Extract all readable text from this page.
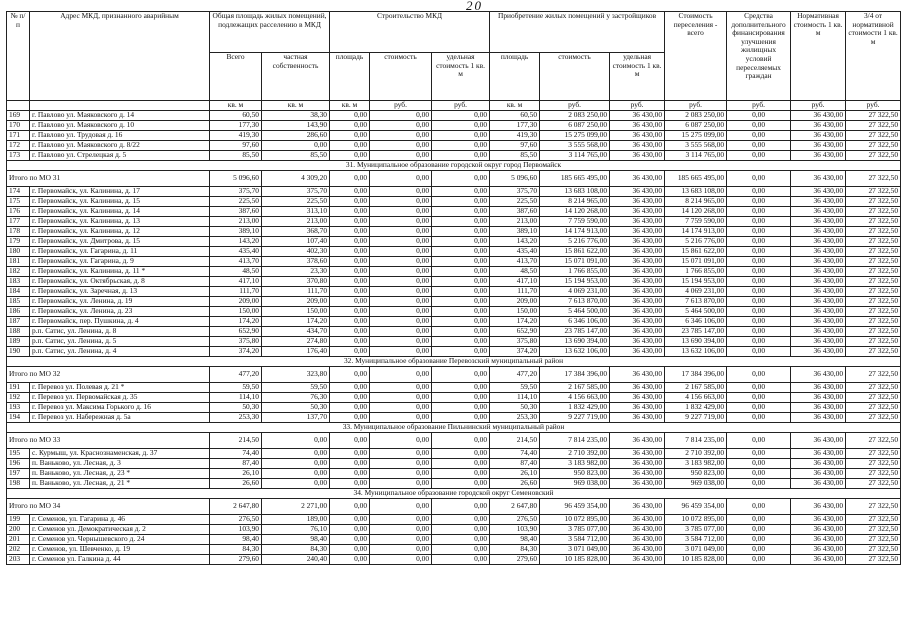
20
№ п/п	Адрес МКД, признанного аварийным	Общая площадь жилых помещений, подлежащих расселению в МКД		Строительство МКД			Приобретение жилых помещений у застройщиков			Стоимость переселения - всего	Средства дополнительного финансирования улучшения жилищных условий переселяемых граждан	Нормативная стоимость 1 кв. м	3/4 от нормативной стоимости 1 кв. м
		Всего	частная собственность	площадь	стоимость	удельная стоимость 1 кв. м	площадь	стоимость	удельная стоимость 1 кв. м				
		кв. м	кв. м	кв. м	руб.	руб.	кв. м	руб.	руб.	руб.	руб.	руб.	руб.
169	г. Павлово ул. Маяковского д. 14	60,50	38,30	0,00	0,00	0,00	60,50	2 083 250,00	36 430,00	2 083 250,00	0,00	36 430,00	27 322,50
170	г. Павлово ул. Маяковского д. 10	177,30	143,90	0,00	0,00	0,00	177,30	6 087 250,00	36 430,00	6 087 250,00	0,00	36 430,00	27 322,50
171	г. Павлово ул. Трудовая д. 16	419,30	286,60	0,00	0,00	0,00	419,30	15 275 099,00	36 430,00	15 275 099,00	0,00	36 430,00	27 322,50
172	г. Павлово ул. Маяковского д. 8/22	97,60	0,00	0,00	0,00	0,00	97,60	3 555 568,00	36 430,00	3 555 568,00	0,00	36 430,00	27 322,50
173	г. Павлово ул. Стрелецкая д. 5	85,50	85,50	0,00	0,00	0,00	85,50	3 114 765,00	36 430,00	3 114 765,00	0,00	36 430,00	27 322,50
31. Муниципальное образование городской округ город Первомайск													
Итого по МО 31		5 096,60	4 309,20	0,00	0,00	0,00	5 096,60	185 665 495,00	36 430,00	185 665 495,00	0,00	36 430,00	27 322,50
174	г. Первомайск, ул. Калинина, д. 17	375,70	375,70	0,00	0,00	0,00	375,70	13 683 108,00	36 430,00	13 683 108,00	0,00	36 430,00	27 322,50
175	г. Первомайск, ул. Калинина, д. 15	225,50	225,50	0,00	0,00	0,00	225,50	8 214 965,00	36 430,00	8 214 965,00	0,00	36 430,00	27 322,50
176	г. Первомайск, ул. Калинина, д. 14	387,60	313,10	0,00	0,00	0,00	387,60	14 120 268,00	36 430,00	14 120 268,00	0,00	36 430,00	27 322,50
177	г. Первомайск, ул. Калинина, д. 13	213,00	213,00	0,00	0,00	0,00	213,00	7 759 590,00	36 430,00	7 759 590,00	0,00	36 430,00	27 322,50
178	г. Первомайск, ул. Калинина, д. 12	389,10	368,70	0,00	0,00	0,00	389,10	14 174 913,00	36 430,00	14 174 913,00	0,00	36 430,00	27 322,50
179	г. Первомайск, ул. Дмитрова, д. 15	143,20	107,40	0,00	0,00	0,00	143,20	5 216 776,00	36 430,00	5 216 776,00	0,00	36 430,00	27 322,50
180	г. Первомайск, ул. Гагарина, д. 11	435,40	402,30	0,00	0,00	0,00	435,40	15 861 622,00	36 430,00	15 861 622,00	0,00	36 430,00	27 322,50
181	г. Первомайск, ул. Гагарина, д. 9	413,70	378,60	0,00	0,00	0,00	413,70	15 071 091,00	36 430,00	15 071 091,00	0,00	36 430,00	27 322,50
182	г. Первомайск, ул. Калинина, д. 11 *	48,50	23,30	0,00	0,00	0,00	48,50	1 766 855,00	36 430,00	1 766 855,00	0,00	36 430,00	27 322,50
183	г. Первомайск, ул. Октябрьская, д. 8	417,10	370,80	0,00	0,00	0,00	417,10	15 194 953,00	36 430,00	15 194 953,00	0,00	36 430,00	27 322,50
184	г. Первомайск, ул. Заречная, д. 13	111,70	111,70	0,00	0,00	0,00	111,70	4 069 231,00	36 430,00	4 069 231,00	0,00	36 430,00	27 322,50
185	г. Первомайск, ул. Ленина, д. 19	209,00	209,00	0,00	0,00	0,00	209,00	7 613 870,00	36 430,00	7 613 870,00	0,00	36 430,00	27 322,50
186	г. Первомайск, ул. Ленина, д. 23	150,00	150,00	0,00	0,00	0,00	150,00	5 464 500,00	36 430,00	5 464 500,00	0,00	36 430,00	27 322,50
187	г. Первомайск, пер. Пушкина, д. 4	174,20	174,20	0,00	0,00	0,00	174,20	6 346 106,00	36 430,00	6 346 106,00	0,00	36 430,00	27 322,50
188	р.п. Сатис, ул. Ленина, д. 8	652,90	434,70	0,00	0,00	0,00	652,90	23 785 147,00	36 430,00	23 785 147,00	0,00	36 430,00	27 322,50
189	р.п. Сатис, ул. Ленина, д. 5	375,80	274,80	0,00	0,00	0,00	375,80	13 690 394,00	36 430,00	13 690 394,00	0,00	36 430,00	27 322,50
190	р.п. Сатис, ул. Ленина, д. 4	374,20	176,40	0,00	0,00	0,00	374,20	13 632 106,00	36 430,00	13 632 106,00	0,00	36 430,00	27 322,50
32. Муниципальное образование Перевозский муниципальный район													
Итого по МО 32		477,20	323,80	0,00	0,00	0,00	477,20	17 384 396,00	36 430,00	17 384 396,00	0,00	36 430,00	27 322,50
191	г. Перевоз ул. Полевая д. 21 *	59,50	59,50	0,00	0,00	0,00	59,50	2 167 585,00	36 430,00	2 167 585,00	0,00	36 430,00	27 322,50
192	г. Перевоз ул. Первомайская д. 35	114,10	76,30	0,00	0,00	0,00	114,10	4 156 663,00	36 430,00	4 156 663,00	0,00	36 430,00	27 322,50
193	г. Перевоз ул. Максима Горького д. 16	50,30	50,30	0,00	0,00	0,00	50,30	1 832 429,00	36 430,00	1 832 429,00	0,00	36 430,00	27 322,50
194	г. Перевоз ул. Набережная д. 5а	253,30	137,70	0,00	0,00	0,00	253,30	9 227 719,00	36 430,00	9 227 719,00	0,00	36 430,00	27 322,50
33. Муниципальное образование Пильнинский муниципальный район													
Итого по МО 33		214,50	0,00	0,00	0,00	0,00	214,50	7 814 235,00	36 430,00	7 814 235,00	0,00	36 430,00	27 322,50
195	с. Курмыш, ул. Краснознаменская, д. 37	74,40	0,00	0,00	0,00	0,00	74,40	2 710 392,00	36 430,00	2 710 392,00	0,00	36 430,00	27 322,50
196	п. Ваньково, ул. Лесная, д. 3	87,40	0,00	0,00	0,00	0,00	87,40	3 183 982,00	36 430,00	3 183 982,00	0,00	36 430,00	27 322,50
197	п. Ваньково, ул. Лесная, д. 23 *	26,10	0,00	0,00	0,00	0,00	26,10	950 823,00	36 430,00	950 823,00	0,00	36 430,00	27 322,50
198	п. Ваньково, ул. Лесная, д. 21 *	26,60	0,00	0,00	0,00	0,00	26,60	969 038,00	36 430,00	969 038,00	0,00	36 430,00	27 322,50
34. Муниципальное образование городской округ Семеновский													
Итого по МО 34		2 647,80	2 271,00	0,00	0,00	0,00	2 647,80	96 459 354,00	36 430,00	96 459 354,00	0,00	36 430,00	27 322,50
199	г. Семенов, ул. Гагарина д. 46	276,50	189,00	0,00	0,00	0,00	276,50	10 072 895,00	36 430,00	10 072 895,00	0,00	36 430,00	27 322,50
200	г. Семенов ул. Демократическая д. 2	103,90	76,10	0,00	0,00	0,00	103,90	3 785 077,00	36 430,00	3 785 077,00	0,00	36 430,00	27 322,50
201	г. Семенов ул. Чернышевского д. 24	98,40	98,40	0,00	0,00	0,00	98,40	3 584 712,00	36 430,00	3 584 712,00	0,00	36 430,00	27 322,50
202	г. Семенов, ул. Шевченко, д. 19	84,30	84,30	0,00	0,00	0,00	84,30	3 071 049,00	36 430,00	3 071 049,00	0,00	36 430,00	27 322,50
203	г. Семенов ул. Галкина д. 44	279,60	240,40	0,00	0,00	0,00	279,60	10 185 828,00	36 430,00	10 185 828,00	0,00	36 430,00	27 322,50
